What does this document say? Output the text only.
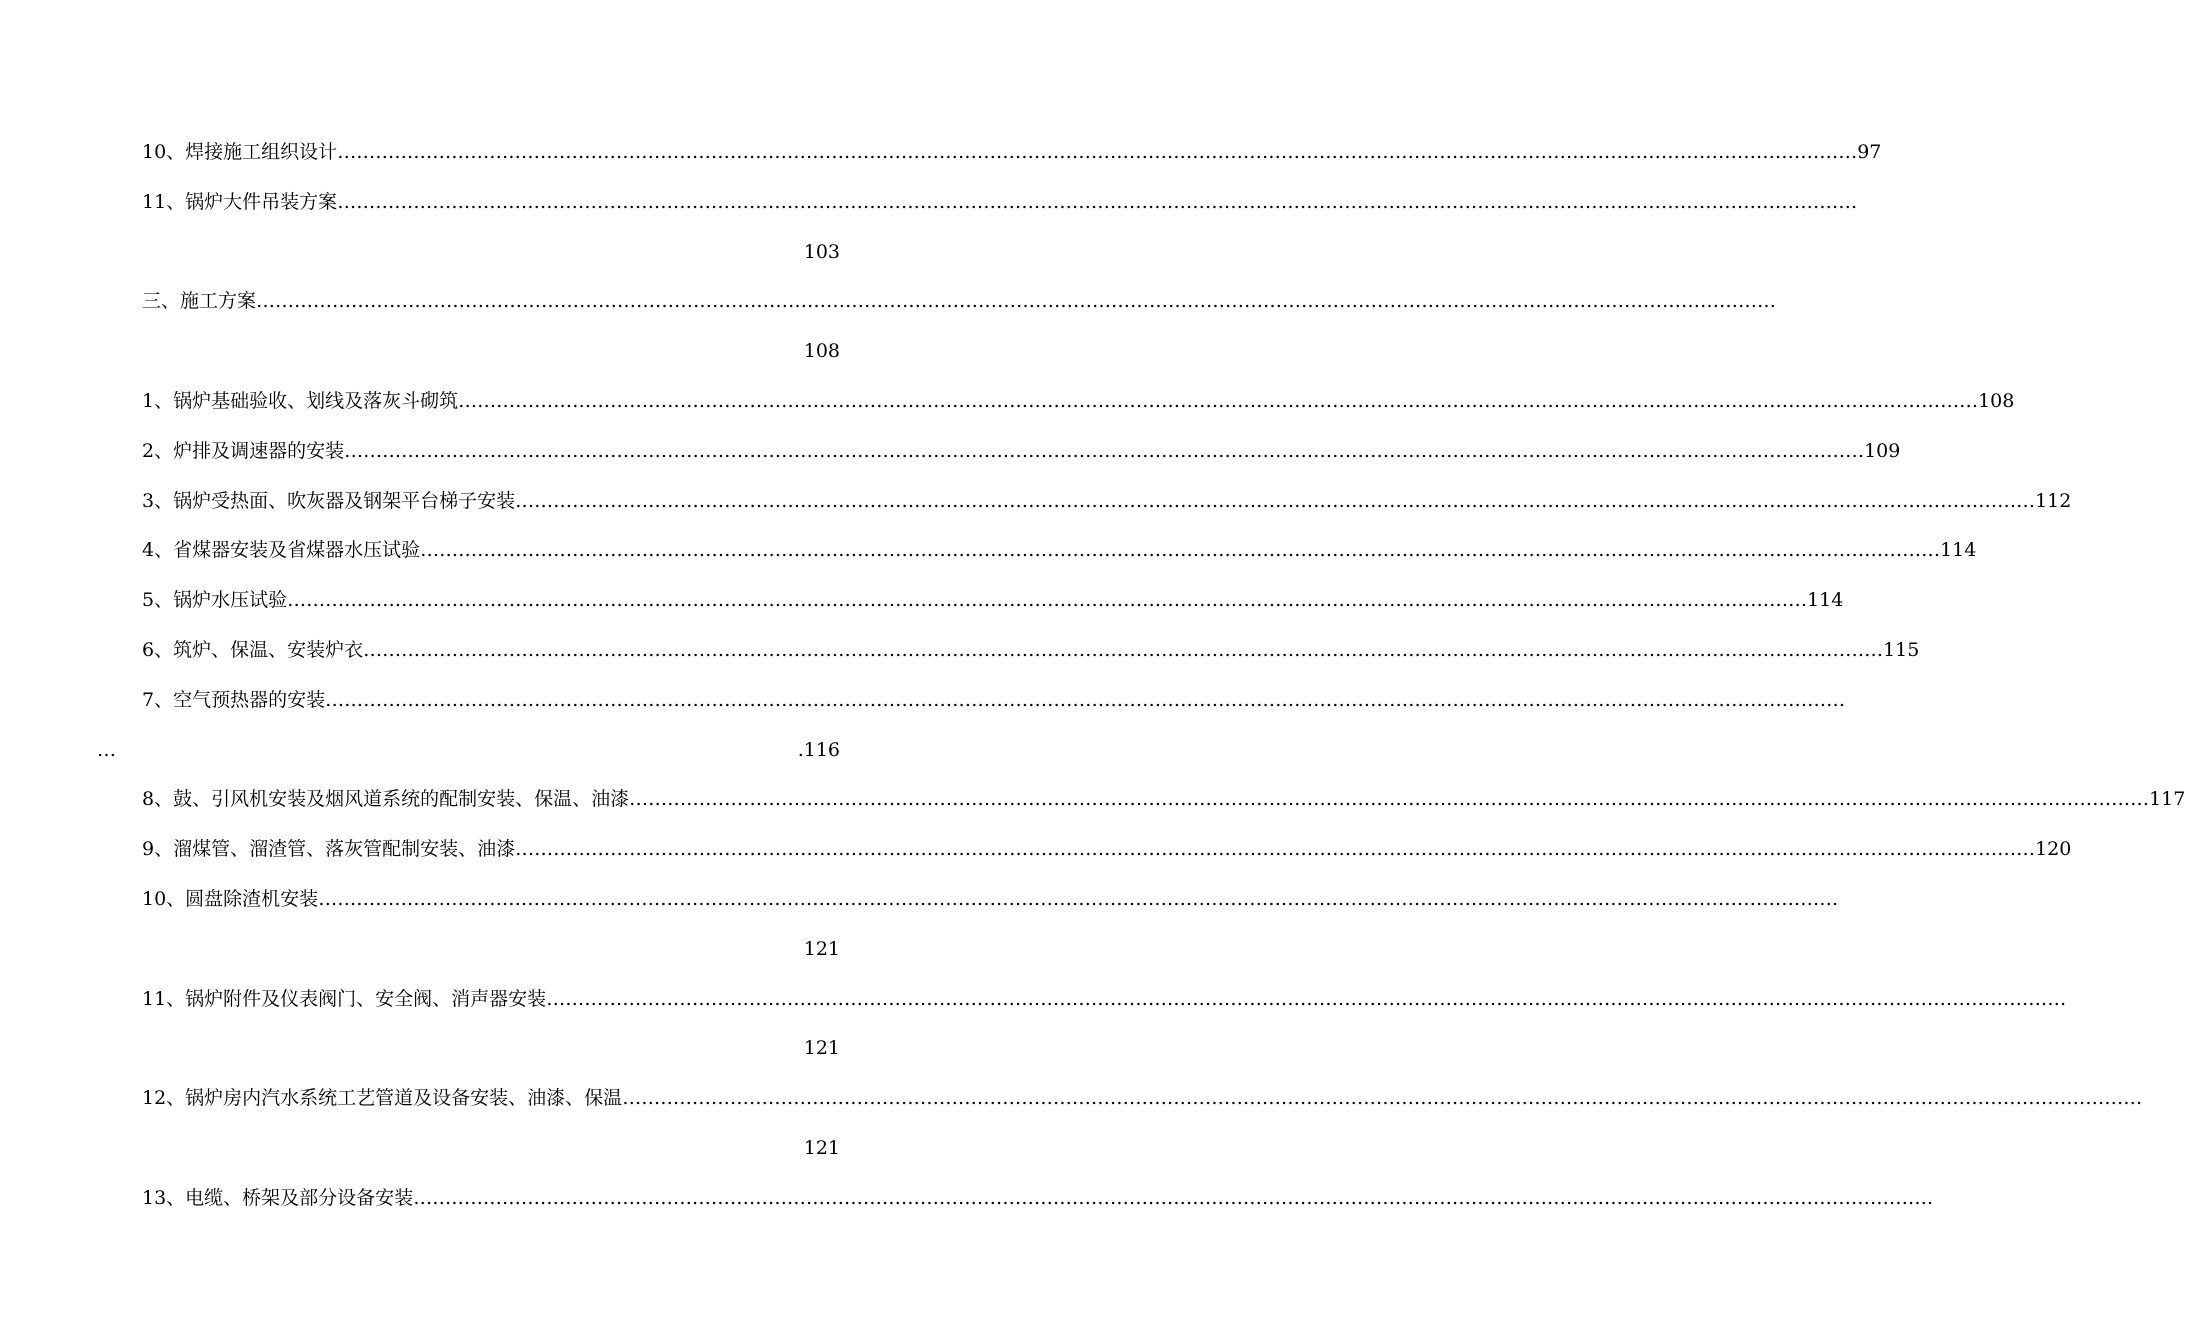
10、焊接施工组织设计 …………………………………………………………………………………………………………………………………………………………………………………………………………………… 97
11、锅炉大件吊装方案 ……………………………………………………………………………………………………………………………………………………………………………………………………………………
103
三、施工方案 ……………………………………………………………………………………………………………………………………………………………………………………………………………………
108
1、锅炉基础验收、划线及落灰斗砌筑 …………………………………………………………………………………………………………………………………………………………………………………………………………………… 108
2、炉排及调速器的安装 …………………………………………………………………………………………………………………………………………………………………………………………………………………… 109
3、锅炉受热面、吹灰器及钢架平台梯子安装 …………………………………………………………………………………………………………………………………………………………………………………………………………………… 112
4、省煤器安装及省煤器水压试验 …………………………………………………………………………………………………………………………………………………………………………………………………………………… 114
5、锅炉水压试验 …………………………………………………………………………………………………………………………………………………………………………………………………………………… 114
6、筑炉、保温、安装炉衣 …………………………………………………………………………………………………………………………………………………………………………………………………………………… 115
7、空气预热器的安装 ……………………………………………………………………………………………………………………………………………………………………………………………………………………
…	.116
8、鼓、引风机安装及烟风道系统的配制安装、保温、油漆 …………………………………………………………………………………………………………………………………………………………………………………………………………………… 117
9、溜煤管、溜渣管、落灰管配制安装、油漆 …………………………………………………………………………………………………………………………………………………………………………………………………………………… 120
10、圆盘除渣机安装 ……………………………………………………………………………………………………………………………………………………………………………………………………………………
121
11、锅炉附件及仪表阀门、安全阀、消声器安装 ……………………………………………………………………………………………………………………………………………………………………………………………………………………
121
12、锅炉房内汽水系统工艺管道及设备安装、油漆、保温 ……………………………………………………………………………………………………………………………………………………………………………………………………………………
121
13、电缆、桥架及部分设备安装 ……………………………………………………………………………………………………………………………………………………………………………………………………………………
